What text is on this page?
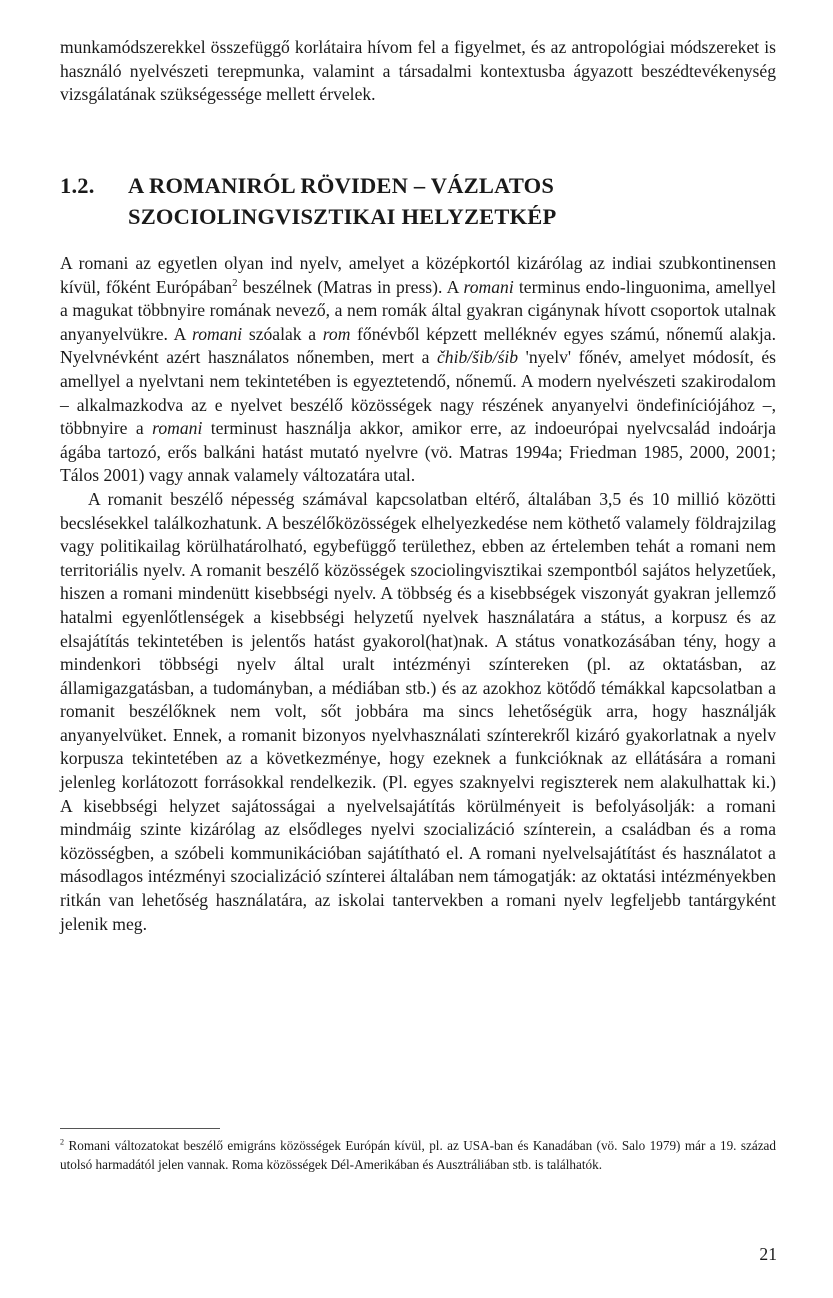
munkamódszerekkel összefüggő korlátaira hívom fel a figyelmet, és az antropológiai módszereket is használó nyelvészeti terepmunka, valamint a társadalmi kontextusba ágyazott beszédtevékenység vizsgálatának szükségessége mellett érvelek.

1.2. A ROMANIRÓL RÖVIDEN – VÁZLATOS
SZOCIOLINGVISZTIKAI HELYZETKÉP

A romani az egyetlen olyan ind nyelv, amelyet a középkortól kizárólag az indiai szubkontinensen kívül, főként Európában$^2$ beszélnek (Matras in press). A romani terminus endo-linguonima, amellyel a magukat többnyire romának nevező, a nem romák által gyakran cigánynak hívott csoportok utalnak anyanyelvükre. A romani szóalak a rom főnévből képzett melléknév egyes számú, nőnemű alakja. Nyelvnévként azért használatos nőnemben, mert a čhib/šib/śib 'nyelv' főnév, amelyet módosít, és amellyel a nyelvtani nem tekintetében is egyeztetendő, nőnemű. A modern nyelvészeti szakirodalom – alkalmazkodva az e nyelvet beszélő közösségek nagy részének anyanyelvi öndefiníciójához –, többnyire a romani terminust használja akkor, amikor erre, az indoeurópai nyelvcsalád indoárja ágába tartozó, erős balkáni hatást mutató nyelvre (vö. Matras 1994a; Friedman 1985, 2000, 2001; Tálos 2001) vagy annak valamely változatára utal.

A romanit beszélő népesség számával kapcsolatban eltérő, általában 3,5 és 10 millió közötti becslésekkel találkozhatunk. A beszélőközösségek elhelyezkedése nem köthető valamely földrajzilag vagy politikailag körülhatárolható, egybefüggő területhez, ebben az értelemben tehát a romani nem territoriális nyelv. A romanit beszélő közösségek szociolingvisztikai szempontból sajátos helyzetűek, hiszen a romani mindenütt kisebbségi nyelv. A többség és a kisebbségek viszonyát gyakran jellemző hatalmi egyenlőtlenségek a kisebbségi helyzetű nyelvek használatára a státus, a korpusz és az elsajátítás tekintetében is jelentős hatást gyakorol(hat)nak. A státus vonatkozásában tény, hogy a mindenkori többségi nyelv által uralt intézményi színtereken (pl. az oktatásban, az államigazgatásban, a tudományban, a médiában stb.) és az azokhoz kötődő témákkal kapcsolatban a romanit beszélőknek nem volt, sőt jobbára ma sincs lehetőségük arra, hogy használják anyanyelvüket. Ennek, a romanit bizonyos nyelvhasználati színterekről kizáró gyakorlatnak a nyelv korpusza tekintetében az a következménye, hogy ezeknek a funkcióknak az ellátására a romani jelenleg korlátozott forrásokkal rendelkezik. (Pl. egyes szaknyelvi regiszterek nem alakulhattak ki.) A kisebbségi helyzet sajátosságai a nyelvelsajátítás körülményeit is befolyásolják: a romani mindmáig szinte kizárólag az elsődleges nyelvi szocializáció színterein, a családban és a roma közösségben, a szóbeli kommunikációban sajátítható el. A romani nyelvelsajátítást és használatot a másodlagos intézményi szocializáció színterei általában nem támogatják: az oktatási intézményekben ritkán van lehetőség használatára, az iskolai tantervekben a romani nyelv legfeljebb tantárgyként jelenik meg.

$^2$ Romani változatokat beszélő emigráns közösségek Európán kívül, pl. az USA-ban és Kanadában (vö. Salo 1979) már a 19. század utolsó harmadától jelen vannak. Roma közösségek Dél-Amerikában és Ausztráliában stb. is találhatók.

21
